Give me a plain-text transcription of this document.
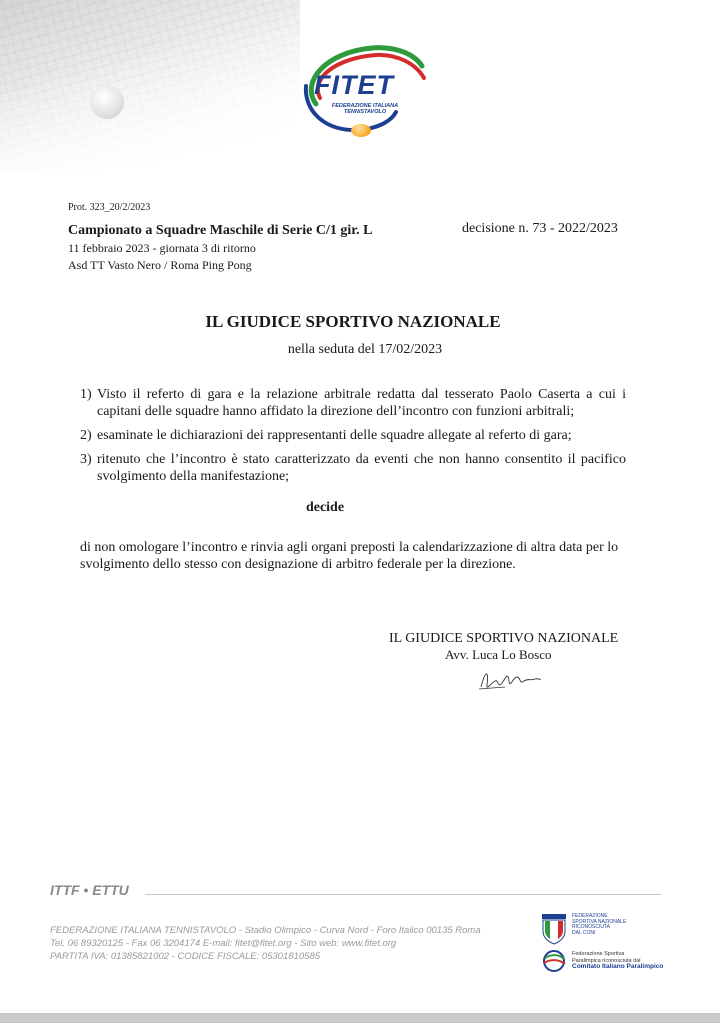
FITET
FEDERAZIONE ITALIANA
TENNISTAVOLO

Prot. 323_20/2/2023

Campionato a Squadre Maschile di Serie C/1 gir. L	decisione n. 73 - 2022/2023

11 febbraio 2023 - giornata 3 di ritorno

Asd TT Vasto Nero / Roma Ping Pong

IL GIUDICE SPORTIVO NAZIONALE

nella seduta del 17/02/2023

1) Visto il referto di gara e la relazione arbitrale redatta dal tesserato Paolo Caserta a cui i capitani delle squadre hanno affidato la direzione dell’incontro con funzioni arbitrali;
2) esaminate le dichiarazioni dei rappresentanti delle squadre allegate al referto di gara;
3) ritenuto che l’incontro è stato caratterizzato da eventi che non hanno consentito il pacifico svolgimento della manifestazione;

decide

di non omologare l’incontro e rinvia agli organi preposti la calendarizzazione di altra data per lo svolgimento dello stesso con designazione di arbitro federale per la direzione.

IL GIUDICE SPORTIVO NAZIONALE

Avv. Luca Lo Bosco

ITTF • ETTU

FEDERAZIONE ITALIANA TENNISTAVOLO - Stadio Olimpico - Curva Nord - Foro Italico 00135 Roma

Tel. 06 89320125 - Fax 06 3204174 E-mail: fitet@fitet.org - Sito web: www.fitet.org

PARTITA IVA: 01385821002 - CODICE FISCALE: 05301810585

FEDERAZIONE
SPORTIVA NAZIONALE
RICONOSCIUTA
DAL CONI
Federazione Sportiva
Paralimpica riconosciuta dal
Comitato Italiano Paralimpico
